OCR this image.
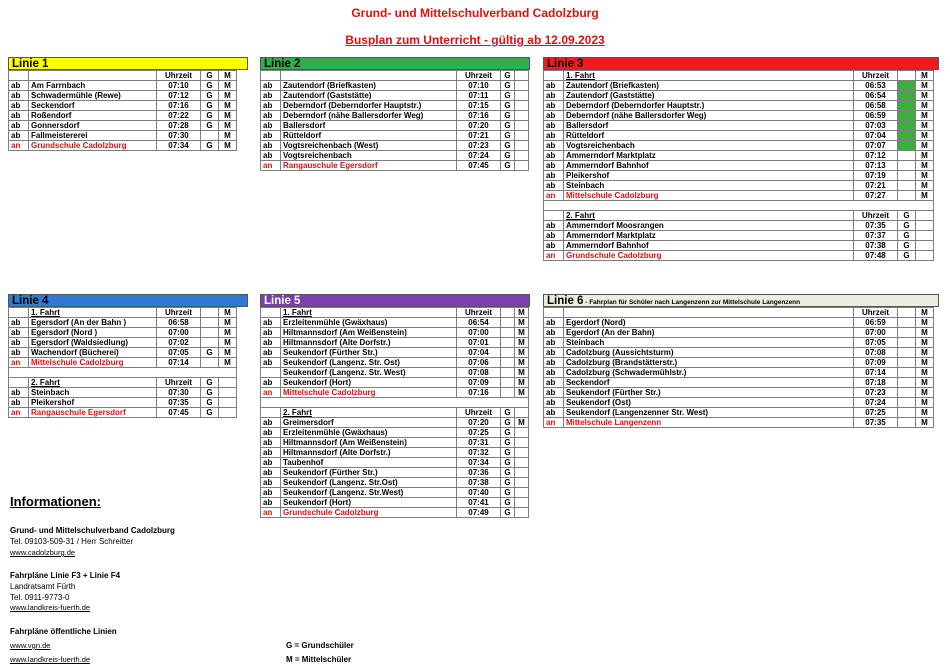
Grund- und Mittelschulverband Cadolzburg
Busplan zum Unterricht - gültig ab 12.09.2023
Linie 1
		Uhrzeit	G	M
ab	Am Farrnbach	07:10	G	M
ab	Schwadermühle (Rewe)	07:12	G	M
ab	Seckendorf	07:16	G	M
ab	Roßendorf	07:22	G	M
ab	Gonnersdorf	07:28	G	M
ab	Fallmeistererei	07:30		M
an	Grundschule Cadolzburg	07:34	G	M
Linie 2
		Uhrzeit	G	
ab	Zautendorf (Briefkasten)	07:10	G	
ab	Zautendorf (Gaststätte)	07:11	G	
ab	Deberndorf (Deberndorfer Hauptstr.)	07:15	G	
ab	Deberndorf (nähe Ballersdorfer Weg)	07:16	G	
ab	Ballersdorf	07:20	G	
ab	Rütteldorf	07:21	G	
ab	Vogtsreichenbach (West)	07:23	G	
ab	Vogtsreichenbach	07:24	G	
an	Rangauschule Egersdorf	07:45	G	
Linie 3
	1. Fahrt	Uhrzeit		M
ab	Zautendorf (Briefkasten)	06:53		M
ab	Zautendorf (Gaststätte)	06:54		M
ab	Deberndorf (Deberndorfer Hauptstr.)	06:58		M
ab	Deberndorf (nähe Ballersdorfer Weg)	06:59		M
ab	Ballersdorf	07:03		M
ab	Rütteldorf	07:04		M
ab	Vogtsreichenbach	07:07		M
ab	Ammerndorf Marktplatz	07:12		M
ab	Ammerndorf Bahnhof	07:13		M
ab	Pleikershof	07:19		M
ab	Steinbach	07:21		M
an	Mittelschule Cadolzburg	07:27		M

	2. Fahrt	Uhrzeit	G	
ab	Ammerndorf Moosrangen	07:35	G	
ab	Ammerndorf Marktplatz	07:37	G	
ab	Ammerndorf Bahnhof	07:38	G	
an	Grundschule Cadolzburg	07:48	G	
Linie 4
	1. Fahrt	Uhrzeit		M
ab	Egersdorf (An der Bahn )	06:58		M
ab	Egersdorf (Nord )	07:00		M
ab	Egersdorf (Waldsiedlung)	07:02		M
ab	Wachendorf (Bücherei)	07:05	G	M
an	Mittelschule Cadolzburg	07:14		M

	2. Fahrt	Uhrzeit	G	
ab	Steinbach	07:30	G	
ab	Pleikershof	07:35	G	
an	Rangauschule Egersdorf	07:45	G	
Linie 5
	1. Fahrt	Uhrzeit		M
ab	Erzleitenmühle (Gwäxhaus)	06:54		M
ab	Hiltmannsdorf (Am Weißenstein)	07:00		M
ab	Hiltmannsdorf (Alte Dorfstr.)	07:01		M
ab	Seukendorf (Fürther Str.)	07:04		M
ab	Seukendorf (Langenz. Str. Ost)	07:06		M
	Seukendorf (Langenz. Str. West)	07:08		M
ab	Seukendorf (Hort)	07:09		M
an	Mittelschule Cadolzburg	07:16		M

	2. Fahrt	Uhrzeit	G	
ab	Greimersdorf	07:20	G	M
ab	Erzleitenmühle (Gwäxhaus)	07:25	G	
ab	Hiltmannsdorf (Am Weißenstein)	07:31	G	
ab	Hiltmannsdorf (Alte Dorfstr.)	07:32	G	
ab	Taubenhof	07:34	G	
ab	Seukendorf (Fürther Str.)	07:36	G	
ab	Seukendorf (Langenz. Str.Ost)	07:38	G	
ab	Seukendorf (Langenz. Str.West)	07:40	G	
ab	Seukendorf (Hort)	07:41	G	
an	Grundschule Cadolzburg	07:49	G	
Linie 6 - Fahrplan für Schüler nach Langenzenn zur Mittelschule Langenzenn
		Uhrzeit		M
ab	Egerdorf (Nord)	06:59		M
ab	Egerdorf (An der Bahn)	07:00		M
ab	Steinbach	07:05		M
ab	Cadolzburg (Aussichtsturm)	07:08		M
ab	Cadolzburg (Brandstätterstr.)	07:09		M
ab	Cadolzburg (Schwadermühlstr.)	07:14		M
ab	Seckendorf	07:18		M
ab	Seukendorf (Fürther Str.)	07:23		M
ab	Seukendorf (Ost)	07:24		M
ab	Seukendorf (Langenzenner Str. West)	07:25		M
an	Mittelschule Langenzenn	07:35		M
Informationen:
Grund- und Mittelschulverband Cadolzburg
Tel. 09103-509-31 / Herr Schreitter
www.cadolzburg.de
Fahrpläne Linie F3 + Linie F4
Landratsamt Fürth
Tel. 0911-9773-0
www.landkreis-fuerth.de
Fahrpläne öffentliche Linien
www.vgn.de
www.landkreis-fuerth.de
G = Grundschüler
M = Mittelschüler
